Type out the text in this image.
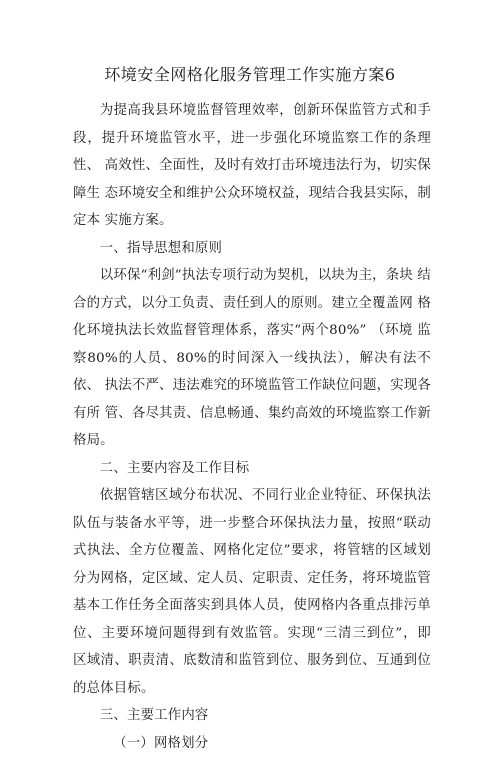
环境安全网格化服务管理工作实施方案6

为提高我县环境监督管理效率，创新环保监管方式和手 段，提升环境监管水平，进一步强化环境监察工作的条理性、 高效性、全面性，及时有效打击环境违法行为，切实保障生 态环境安全和维护公众环境权益，现结合我县实际，制定本 实施方案。

一、指导思想和原则

以环保“利剑”执法专项行动为契机，以块为主，条块 结合的方式，以分工负责、责任到人的原则。建立全覆盖网 格化环境执法长效监督管理体系，落实“两个80%” （环境 监察80%的人员、80%的时间深入一线执法），解决有法不依、 执法不严、违法难究的环境监管工作缺位问题，实现各有所 管、各尽其责、信息畅通、集约高效的环境监察工作新格局。

二、主要内容及工作目标

依据管辖区域分布状况、不同行业企业特征、环保执法 队伍与装备水平等，进一步整合环保执法力量，按照“联动 式执法、全方位覆盖、网格化定位”要求，将管辖的区域划 分为网格，定区域、定人员、定职责、定任务，将环境监管 基本工作任务全面落实到具体人员，使网格内各重点排污单 位、主要环境问题得到有效监管。实现“三清三到位”，即 区域清、职责清、底数清和监管到位、服务到位、互通到位 的总体目标。

三、主要工作内容

（一）网格划分
